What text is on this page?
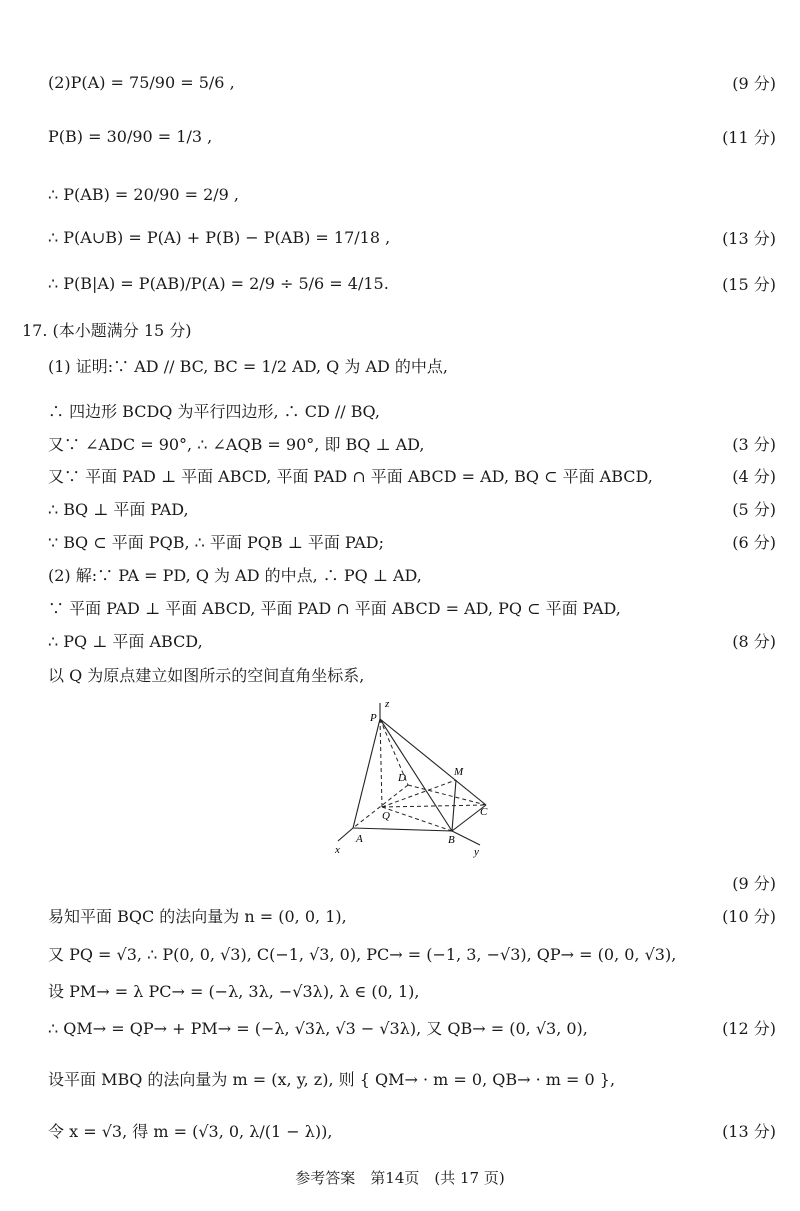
(2)P(A) = 75/90 = 5/6 ,	(9 分)
P(B) = 30/90 = 1/3 ,	(11 分)
∴ P(AB) = 20/90 = 2/9 ,
∴ P(A∪B) = P(A) + P(B) − P(AB) = 17/18 ,	(13 分)
∴ P(B|A) = P(AB)/P(A) = 2/9 ÷ 5/6 = 4/15.	(15 分)
17. (本小题满分 15 分)
(1) 证明:∵ AD // BC, BC = 1/2 AD, Q 为 AD 的中点,
∴ 四边形 BCDQ 为平行四边形, ∴ CD // BQ,
又∵ ∠ADC = 90°, ∴ ∠AQB = 90°, 即 BQ ⊥ AD,	(3 分)
又∵ 平面 PAD ⊥ 平面 ABCD, 平面 PAD ∩ 平面 ABCD = AD, BQ ⊂ 平面 ABCD,	(4 分)
∴ BQ ⊥ 平面 PAD,	(5 分)
∵ BQ ⊂ 平面 PQB, ∴ 平面 PQB ⊥ 平面 PAD;	(6 分)
(2) 解:∵ PA = PD, Q 为 AD 的中点, ∴ PQ ⊥ AD,
∵ 平面 PAD ⊥ 平面 ABCD, 平面 PAD ∩ 平面 ABCD = AD, PQ ⊂ 平面 PAD,
∴ PQ ⊥ 平面 ABCD,	(8 分)
以 Q 为原点建立如图所示的空间直角坐标系,
P
z
D	M
Q	C
A	B
x	y
(9 分)
易知平面 BQC 的法向量为 n = (0, 0, 1),	(10 分)
又 PQ = √3, ∴ P(0, 0, √3), C(−1, √3, 0), PC→ = (−1, 3, −√3), QP→ = (0, 0, √3),
设 PM→ = λ PC→ = (−λ, 3λ, −√3λ), λ ∈ (0, 1),
∴ QM→ = QP→ + PM→ = (−λ, √3λ, √3 − √3λ), 又 QB→ = (0, √3, 0),	(12 分)
设平面 MBQ 的法向量为 m = (x, y, z), 则 { QM→ · m = 0, QB→ · m = 0 },
令 x = √3, 得 m = (√3, 0, λ/(1 − λ)),	(13 分)
参考答案　第14页　(共 17 页)
